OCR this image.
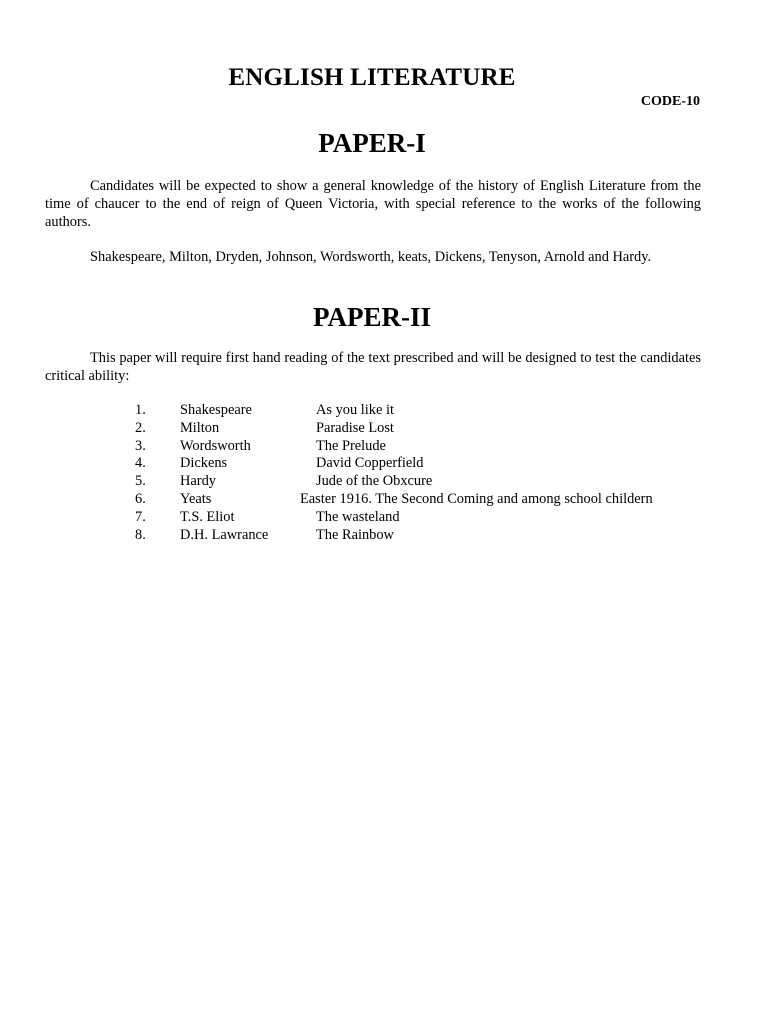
ENGLISH LITERATURE
CODE-10
PAPER-I

Candidates will be expected to show a general knowledge of the history of English Literature from the time of chaucer to the end of reign of Queen Victoria, with special reference to the works of the following authors.

Shakespeare, Milton, Dryden, Johnson, Wordsworth, keats, Dickens, Tenyson, Arnold and Hardy.

PAPER-II

This paper will require first hand reading of the text prescribed and will be designed to test the candidates critical ability:

1. Shakespeare	As you like it
2. Milton	Paradise Lost
3. Wordsworth	The Prelude
4. Dickens	David Copperfield
5. Hardy	Jude of the Obxcure
6. Yeats	Easter 1916. The Second Coming and among school childern
7. T.S. Eliot	The wasteland
8. D.H. Lawrance	The Rainbow
